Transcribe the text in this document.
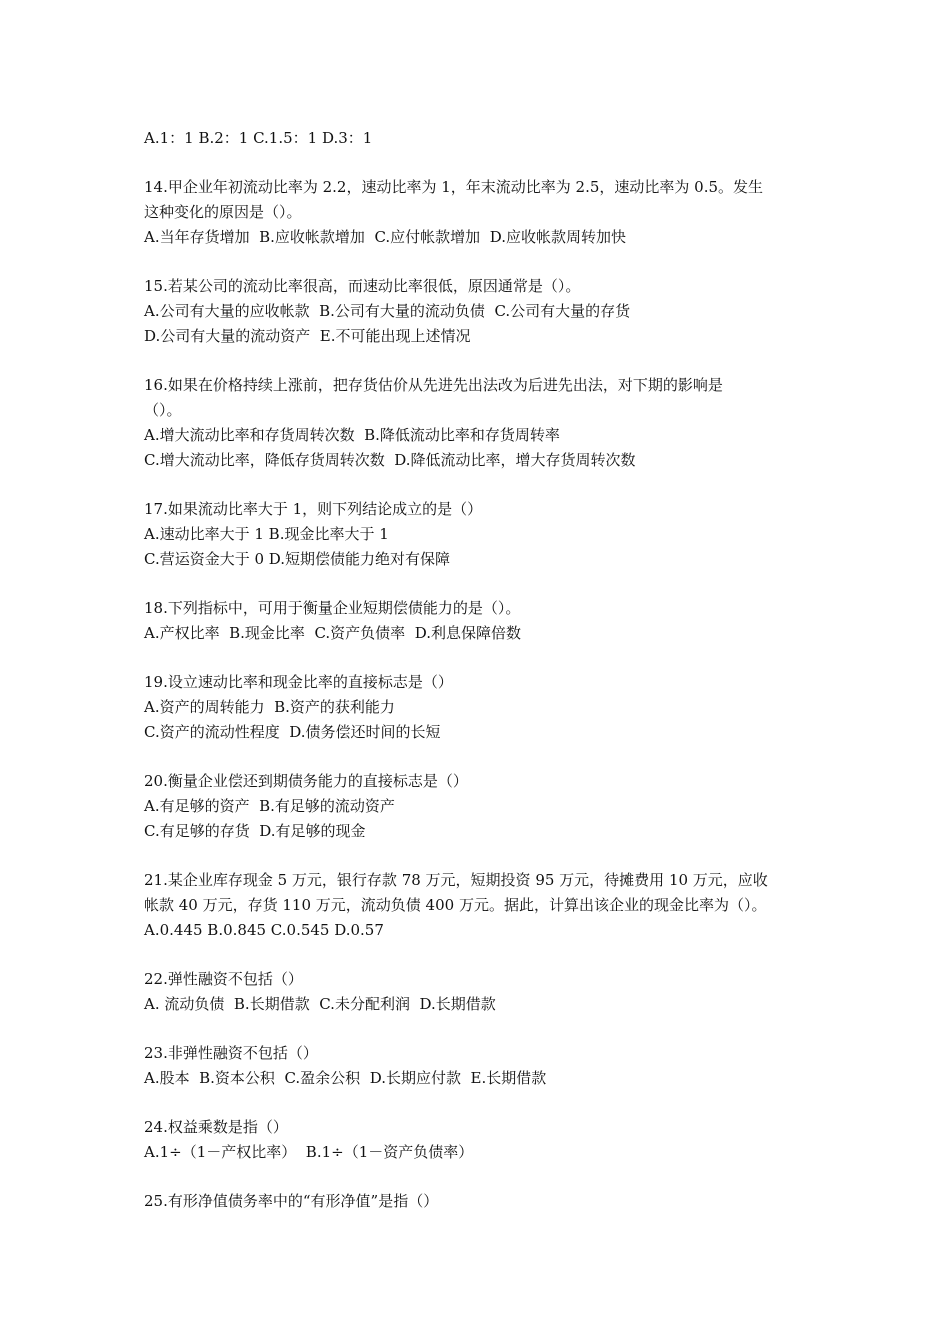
A.1：1 B.2：1 C.1.5：1 D.3：1
14.甲企业年初流动比率为 2.2，速动比率为 1，年末流动比率为 2.5，速动比率为 0.5。发生
这种变化的原因是（）。
A.当年存货增加  B.应收帐款增加  C.应付帐款增加  D.应收帐款周转加快
15.若某公司的流动比率很高，而速动比率很低，原因通常是（）。
A.公司有大量的应收帐款  B.公司有大量的流动负债  C.公司有大量的存货
D.公司有大量的流动资产  E.不可能出现上述情况
16.如果在价格持续上涨前，把存货估价从先进先出法改为后进先出法，对下期的影响是
（）。
A.增大流动比率和存货周转次数  B.降低流动比率和存货周转率
C.增大流动比率，降低存货周转次数  D.降低流动比率，增大存货周转次数
17.如果流动比率大于 1，则下列结论成立的是（）
A.速动比率大于 1 B.现金比率大于 1
C.营运资金大于 0 D.短期偿债能力绝对有保障
18.下列指标中，可用于衡量企业短期偿债能力的是（）。
A.产权比率  B.现金比率  C.资产负债率  D.利息保障倍数
19.设立速动比率和现金比率的直接标志是（）
A.资产的周转能力  B.资产的获利能力
C.资产的流动性程度  D.债务偿还时间的长短
20.衡量企业偿还到期债务能力的直接标志是（）
A.有足够的资产  B.有足够的流动资产
C.有足够的存货  D.有足够的现金
21.某企业库存现金 5 万元，银行存款 78 万元，短期投资 95 万元，待摊费用 10 万元，应收
帐款 40 万元，存货 110 万元，流动负债 400 万元。据此，计算出该企业的现金比率为（）。
A.0.445 B.0.845 C.0.545 D.0.57
22.弹性融资不包括（）
A. 流动负债  B.长期借款  C.未分配利润  D.长期借款
23.非弹性融资不包括（）
A.股本  B.资本公积  C.盈余公积  D.长期应付款  E.长期借款
24.权益乘数是指（）
A.1÷（1－产权比率）  B.1÷（1－资产负债率）
25.有形净值债务率中的“有形净值”是指（）
